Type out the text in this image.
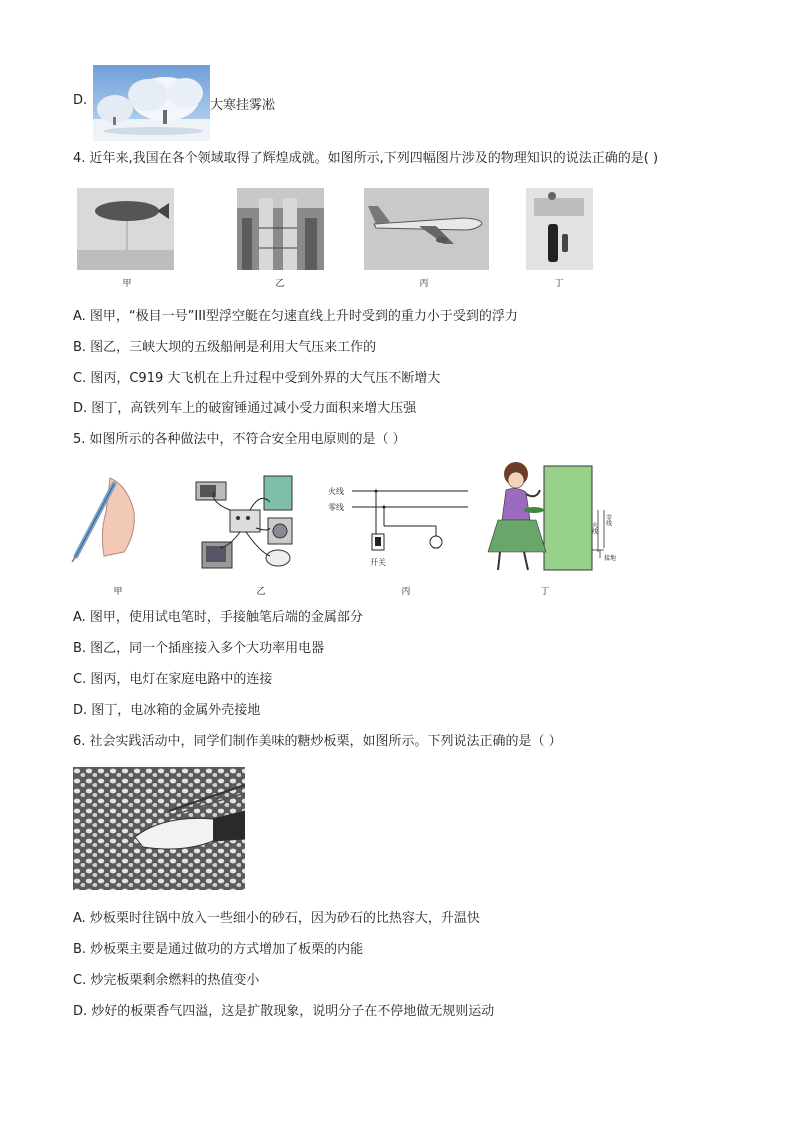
D.	大寒挂雾凇
4. 近年来,我国在各个领域取得了辉煌成就。如图所示,下列四幅图片涉及的物理知识的说法正确的是( )
甲	乙	丙	丁
A. 图甲，“极目一号”III型浮空艇在匀速直线上升时受到的重力小于受到的浮力
B. 图乙，三峡大坝的五级船闸是利用大气压来工作的
C. 图丙，C919 大飞机在上升过程中受到外界的大气压不断增大
D. 图丁，高铁列车上的破窗锤通过减小受力面积来增大压强
5. 如图所示的各种做法中，不符合安全用电原则的是（ ）
甲	乙
火线
零线
开关
丙
火线
零线
接地
丁
A. 图甲，使用试电笔时，手接触笔后端的金属部分
B. 图乙，同一个插座接入多个大功率用电器
C. 图丙，电灯在家庭电路中的连接
D. 图丁，电冰箱的金属外壳接地
6. 社会实践活动中，同学们制作美味的糖炒板栗，如图所示。下列说法正确的是（ ）
A. 炒板栗时往锅中放入一些细小的砂石，因为砂石的比热容大，升温快
B. 炒板栗主要是通过做功的方式增加了板栗的内能
C. 炒完板栗剩余燃料的热值变小
D. 炒好的板栗香气四溢，这是扩散现象，说明分子在不停地做无规则运动
